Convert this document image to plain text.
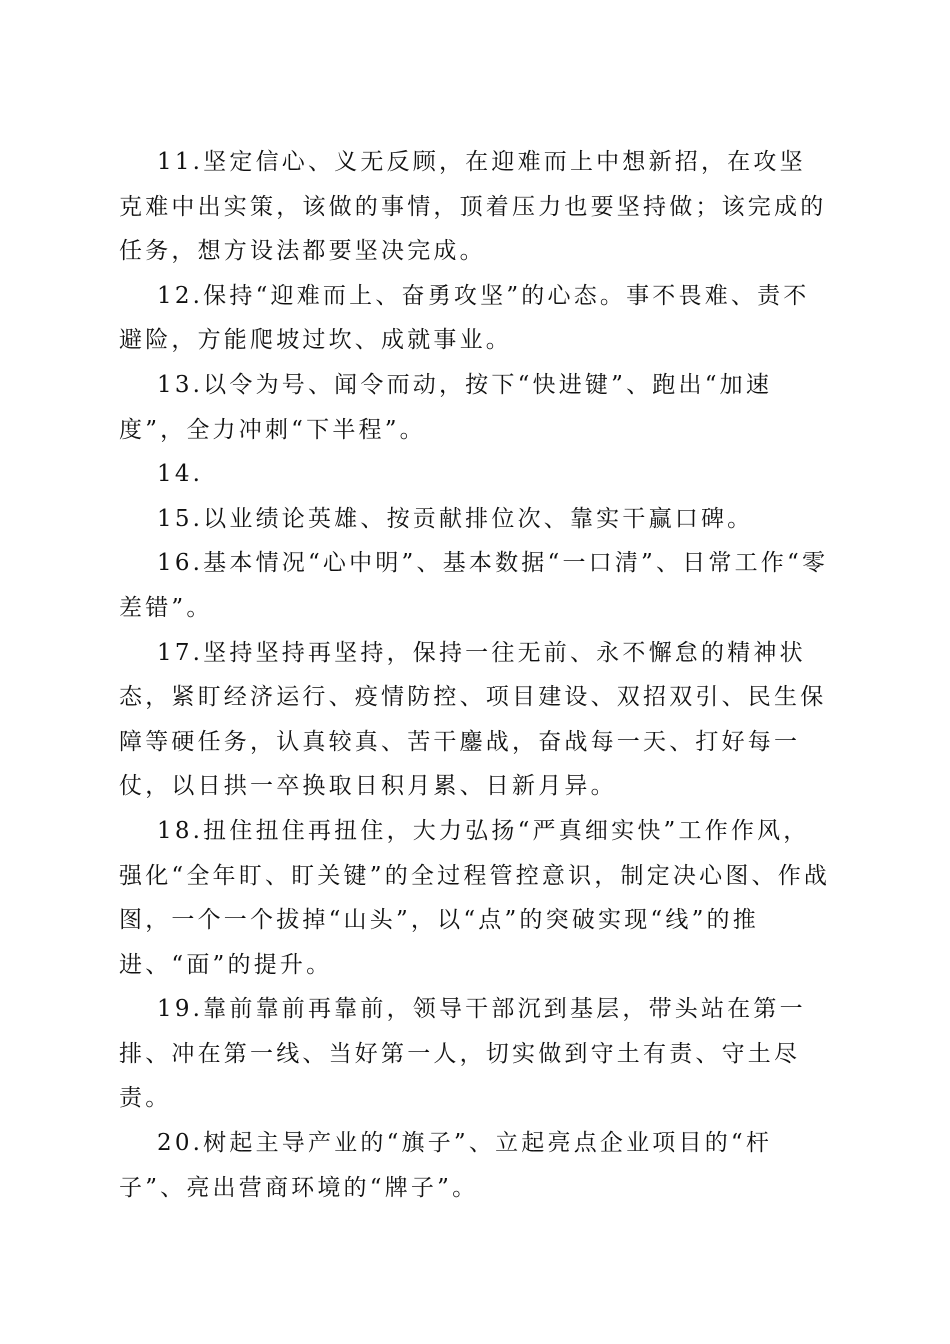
11.坚定信心、义无反顾，在迎难而上中想新招，在攻坚克难中出实策，该做的事情，顶着压力也要坚持做；该完成的任务，想方设法都要坚决完成。

12.保持“迎难而上、奋勇攻坚”的心态。事不畏难、责不避险，方能爬坡过坎、成就事业。

13.以令为号、闻令而动，按下“快进键”、跑出“加速度”，全力冲刺“下半程”。

14.

15.以业绩论英雄、按贡献排位次、靠实干赢口碑。

16.基本情况“心中明”、基本数据“一口清”、日常工作“零差错”。

17.坚持坚持再坚持，保持一往无前、永不懈怠的精神状态，紧盯经济运行、疫情防控、项目建设、双招双引、民生保障等硬任务，认真较真、苦干鏖战，奋战每一天、打好每一仗，以日拱一卒换取日积月累、日新月异。

18.扭住扭住再扭住，大力弘扬“严真细实快”工作作风，强化“全年盯、盯关键”的全过程管控意识，制定决心图、作战图，一个一个拔掉“山头”，以“点”的突破实现“线”的推进、“面”的提升。

19.靠前靠前再靠前，领导干部沉到基层，带头站在第一排、冲在第一线、当好第一人，切实做到守土有责、守土尽责。

20.树起主导产业的“旗子”、立起亮点企业项目的“杆子”、亮出营商环境的“牌子”。
